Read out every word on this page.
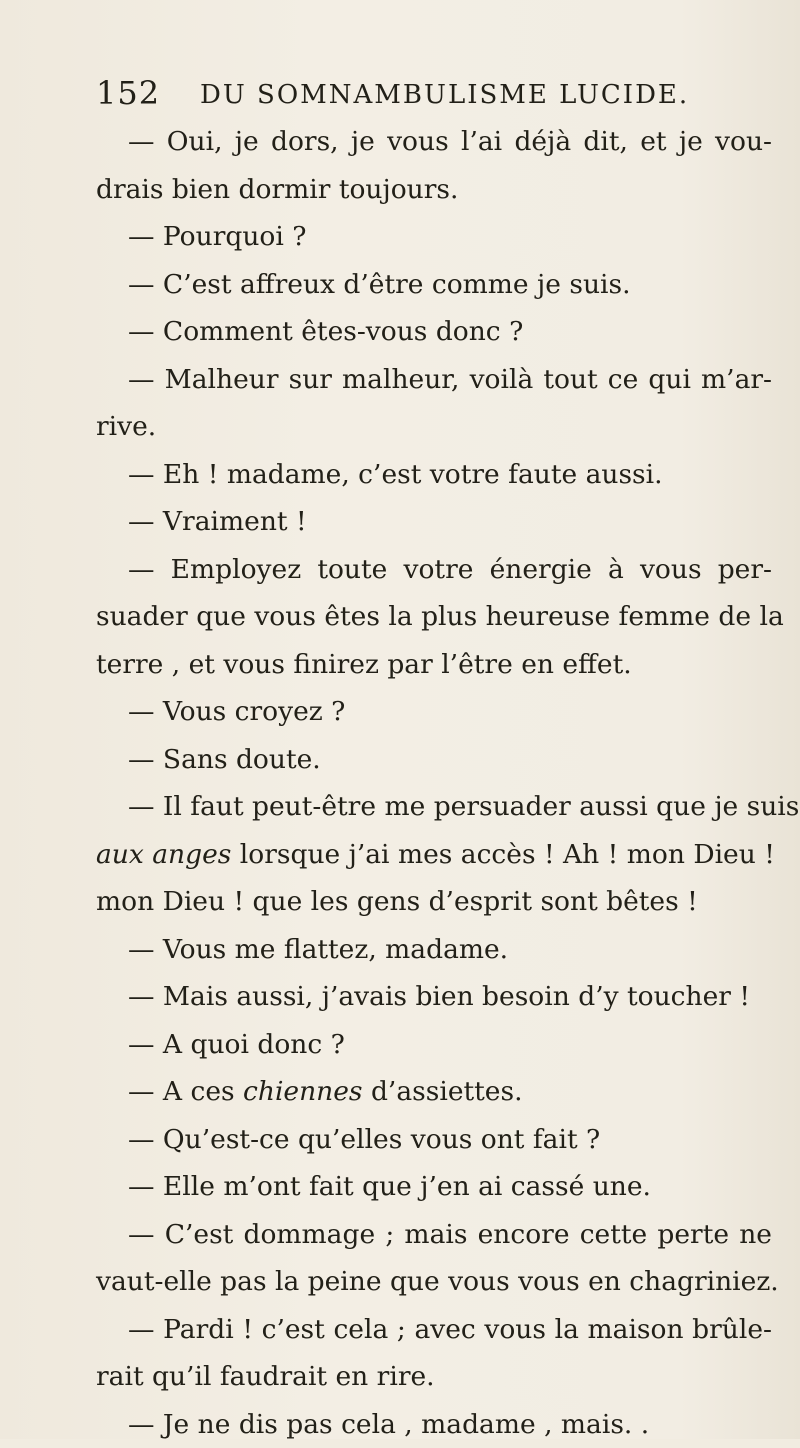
152 DU SOMNAMBULISME LUCIDE.
— Oui, je dors, je vous l’ai déjà dit, et je vou-
drais bien dormir toujours.
— Pourquoi ?
— C’est affreux d’être comme je suis.
— Comment êtes-vous donc ?
— Malheur sur malheur, voilà tout ce qui m’ar-
rive.
— Eh ! madame, c’est votre faute aussi.
— Vraiment !
— Employez toute votre énergie à vous per-
suader que vous êtes la plus heureuse femme de la
terre , et vous finirez par l’être en effet.
— Vous croyez ?
— Sans doute.
— Il faut peut-être me persuader aussi que je suis
aux anges lorsque j’ai mes accès ! Ah ! mon Dieu !
mon Dieu ! que les gens d’esprit sont bêtes !
— Vous me flattez, madame.
— Mais aussi, j’avais bien besoin d’y toucher !
— A quoi donc ?
— A ces chiennes d’assiettes.
— Qu’est-ce qu’elles vous ont fait ?
— Elle m’ont fait que j’en ai cassé une.
— C’est dommage ; mais encore cette perte ne
vaut-elle pas la peine que vous vous en chagriniez.
— Pardi ! c’est cela ; avec vous la maison brûle-
rait qu’il faudrait en rire.
— Je ne dis pas cela , madame , mais. .
